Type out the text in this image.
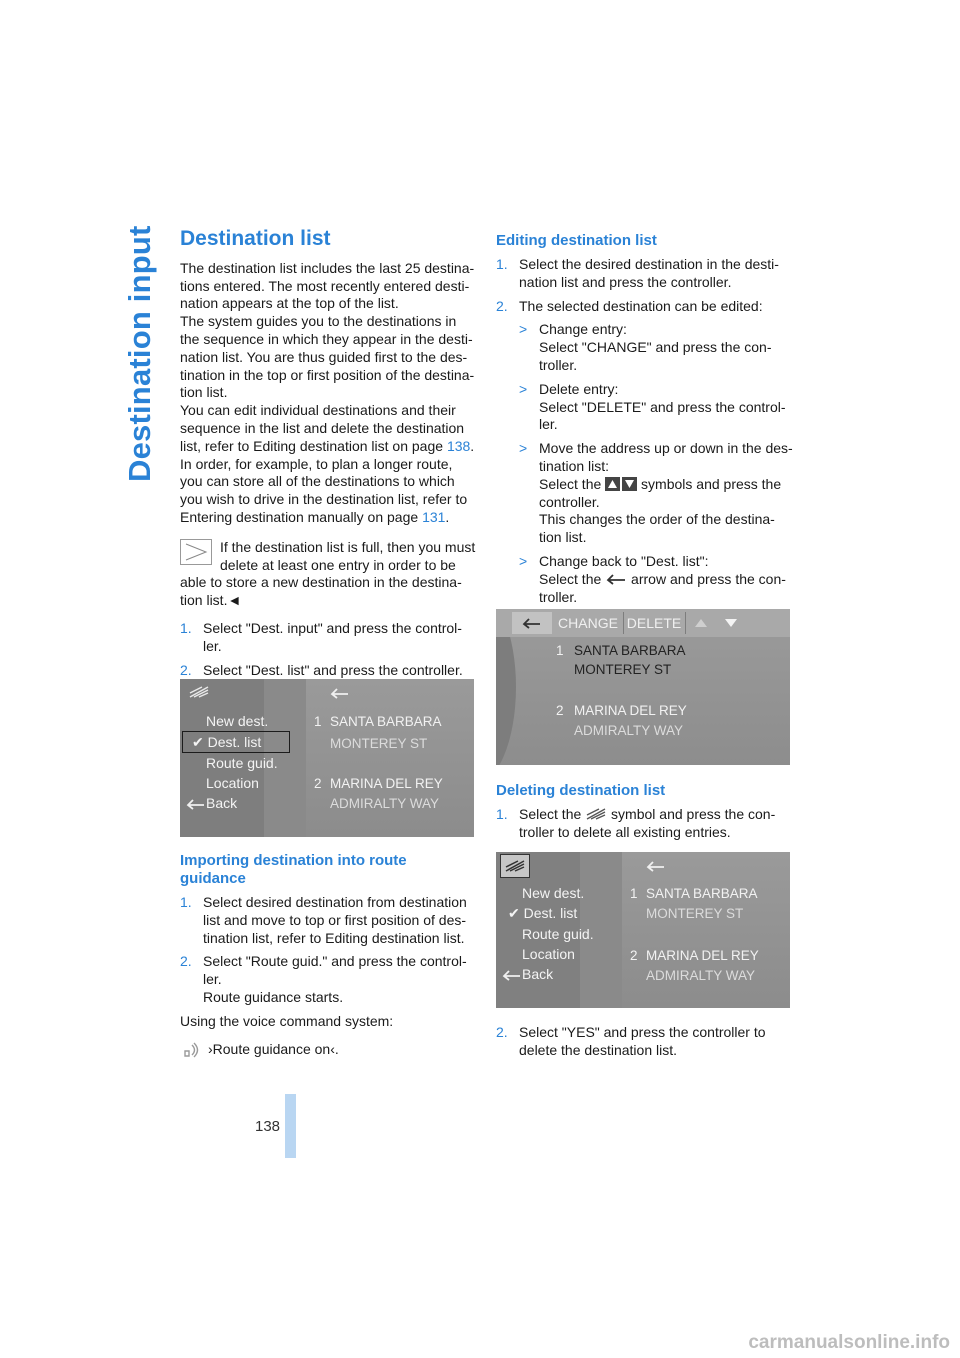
Destination input Destination list

The destination list includes the last 25 destina-tions entered. The most recently entered desti-nation appears at the top of the list.

The system guides you to the destinations in the sequence in which they appear in the desti-nation list. You are thus guided first to the des-tination in the top or first position of the destina-tion list.

You can edit individual destinations and their sequence in the list and delete the destination list, refer to Editing destination list on page 138.

In order, for example, to plan a longer route, you can store all of the destinations to which you wish to drive in the destination list, refer to Entering destination manually on page 131.

If the destination list is full, then you must delete at least one entry in order to be able to store a new destination in the destina-tion list.◄
1. Select "Dest. input" and press the control-ler.
2. Select "Dest. list" and press the controller.
New dest.
✔ Dest. list
Route guid.
Location
Back
1 SANTA BARBARA
MONTEREY ST
2 MARINA DEL REY
ADMIRALTY WAY
Importing destination into route guidance
1. Select desired destination from destination list and move to top or first position of des-tination list, refer to Editing destination list.
2. Select "Route guid." and press the control-ler.
Route guidance starts.

Using the voice command system:

›Route guidance on‹.
Editing destination list
1. Select the desired destination in the desti-nation list and press the controller.
2. The selected destination can be edited:
> Change entry:
Select "CHANGE" and press the con-troller.
> Delete entry:
Select "DELETE" and press the control-ler.
> Move the address up or down in the des-tination list:
Select the  symbols and press the controller.
This changes the order of the destina-tion list.
> Change back to "Dest. list":
Select the  arrow and press the con-troller.
CHANGE DELETE
1 SANTA BARBARA
MONTEREY ST
2 MARINA DEL REY
ADMIRALTY WAY
Deleting destination list
1. Select the  symbol and press the con-troller to delete all existing entries.
New dest.
✔ Dest. list
Route guid.
Location
Back
1 SANTA BARBARA
MONTEREY ST
2 MARINA DEL REY
ADMIRALTY WAY
2. Select "YES" and press the controller to delete the destination list.
138
carmanualsonline.info
